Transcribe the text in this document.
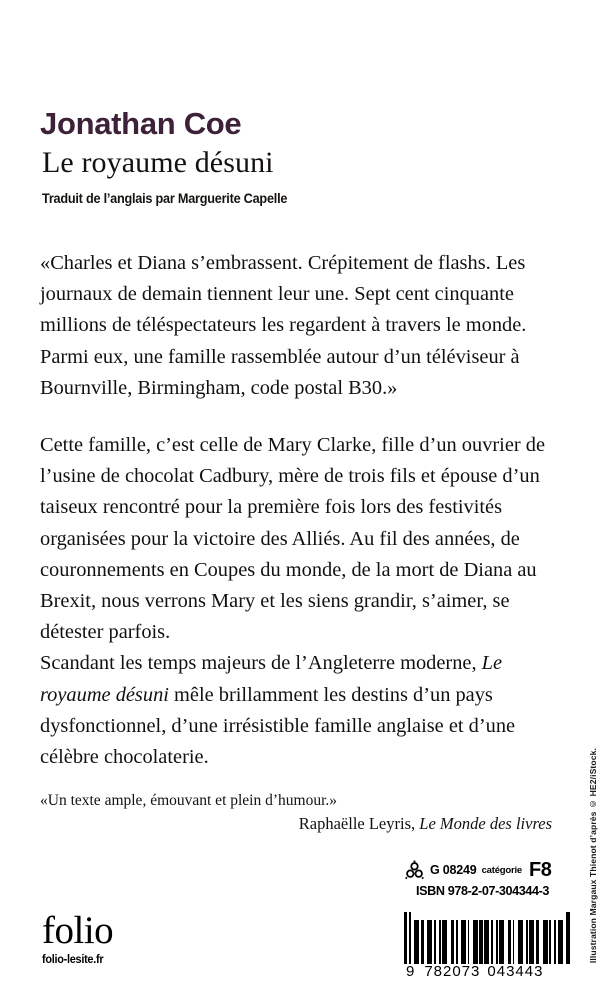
Jonathan Coe
Le royaume désuni
Traduit de l’anglais par Marguerite Capelle

«Charles et Diana s’embrassent. Crépitement de flashs. Les journaux de demain tiennent leur une. Sept cent cinquante millions de téléspectateurs les regardent à travers le monde. Parmi eux, une famille rassemblée autour d’un téléviseur à Bournville, Birmingham, code postal B30.»

Cette famille, c’est celle de Mary Clarke, fille d’un ouvrier de l’usine de chocolat Cadbury, mère de trois fils et épouse d’un taiseux rencontré pour la première fois lors des festivités organisées pour la victoire des Alliés. Au fil des années, de couronnements en Coupes du monde, de la mort de Diana au Brexit, nous verrons Mary et les siens grandir, s’aimer, se détester parfois.

Scandant les temps majeurs de l’Angleterre moderne, Le royaume désuni mêle brillamment les destins d’un pays dysfonctionnel, d’une irrésistible famille anglaise et d’une célèbre chocolaterie.

«Un texte ample, émouvant et plein d’humour.»

Raphaëlle Leyris, Le Monde des livres	Illustration Margaux Thienot d’après © HE2/iStock.
folio
folio-lesite.fr
G 08249 catégorie F8
ISBN 978-2-07-304344-3
9 782073 043443
